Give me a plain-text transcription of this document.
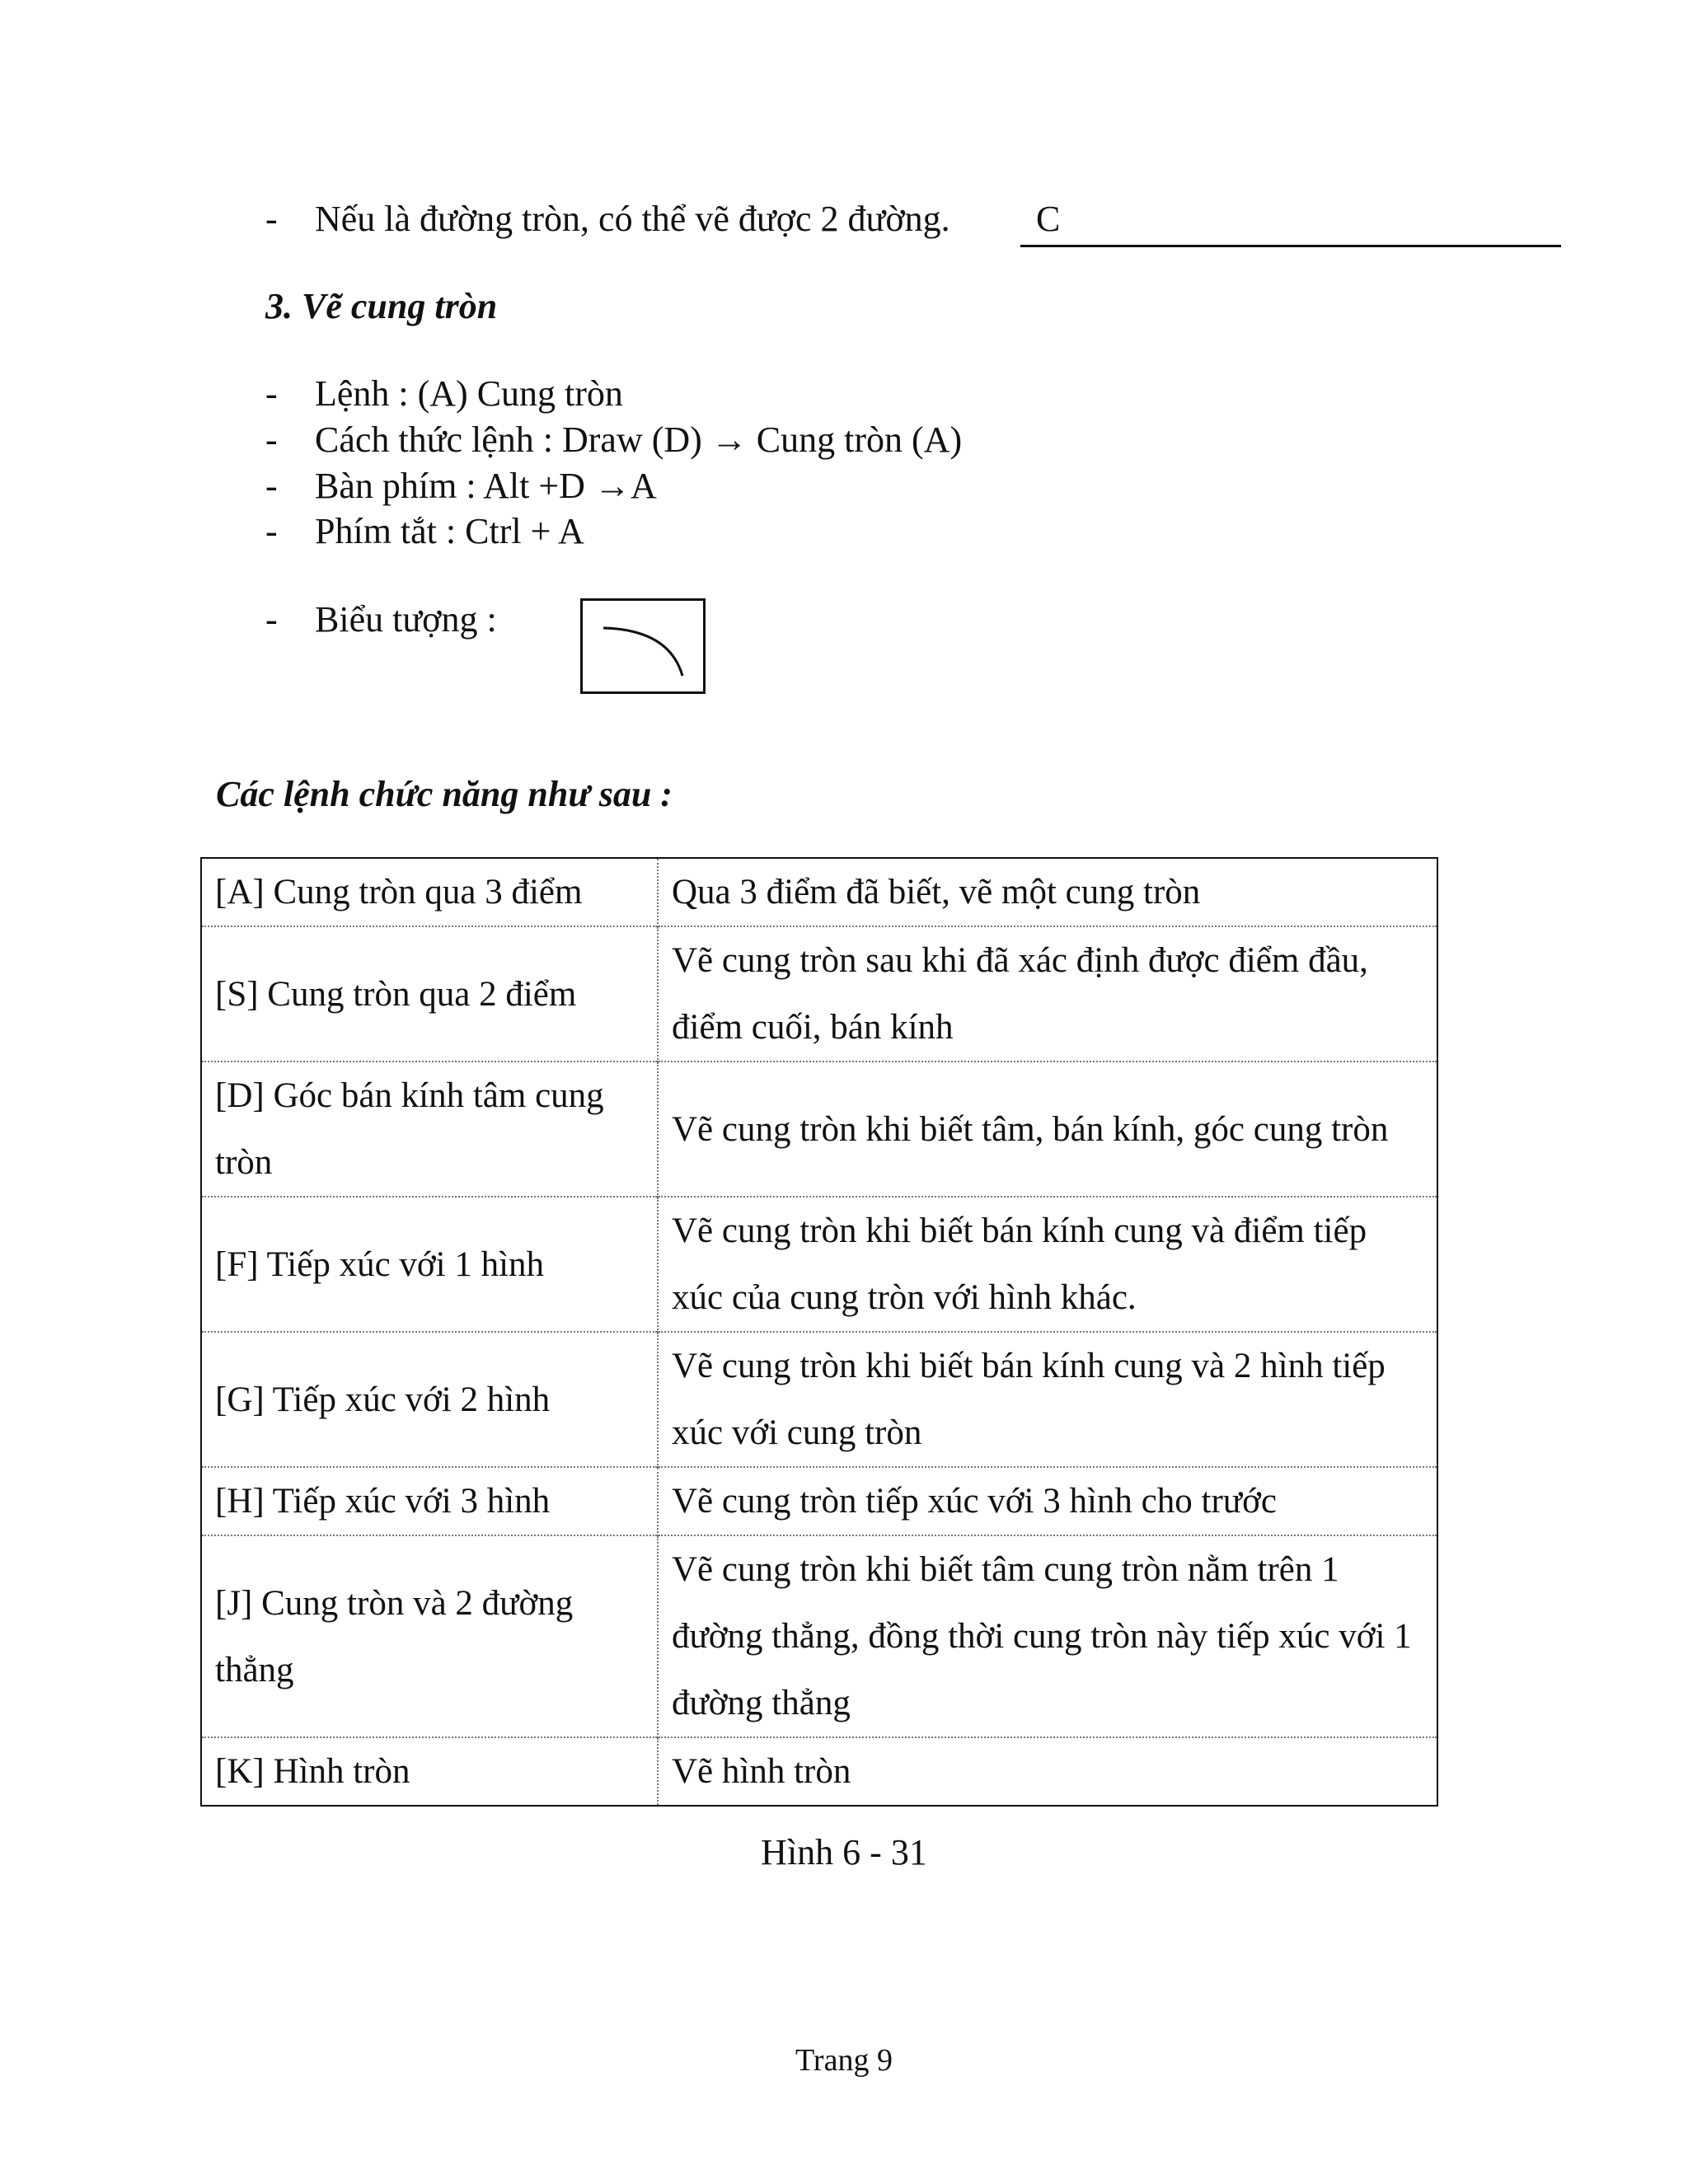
- Nếu là đường tròn, có thể vẽ được 2 đường. C
3. Vẽ cung tròn
- Lệnh : (A) Cung tròn
- Cách thức lệnh : Draw (D) → Cung tròn (A)
- Bàn phím : Alt +D →A
- Phím tắt : Ctrl + A
- Biểu tượng :
Các lệnh chức năng như sau :
[A] Cung tròn qua 3 điểm	Qua 3 điểm đã biết, vẽ một cung tròn
[S] Cung tròn qua 2 điểm	Vẽ cung tròn sau khi đã xác định được điểm đầu, điểm cuối, bán kính
[D] Góc bán kính tâm cung tròn	Vẽ cung tròn khi biết tâm, bán kính, góc cung tròn
[F] Tiếp xúc với 1 hình	Vẽ cung tròn khi biết bán kính cung và điểm tiếp xúc của cung tròn với hình khác.
[G] Tiếp xúc với 2 hình	Vẽ cung tròn khi biết bán kính cung và 2 hình tiếp xúc với cung tròn
[H] Tiếp xúc với 3 hình	Vẽ cung tròn tiếp xúc với 3 hình cho trước
[J] Cung tròn và 2 đường thẳng	Vẽ cung tròn khi biết tâm cung tròn nằm trên 1 đường thẳng, đồng thời cung tròn này tiếp xúc với 1 đường thẳng
[K] Hình tròn	Vẽ hình tròn
Hình 6 - 31
Trang 9
